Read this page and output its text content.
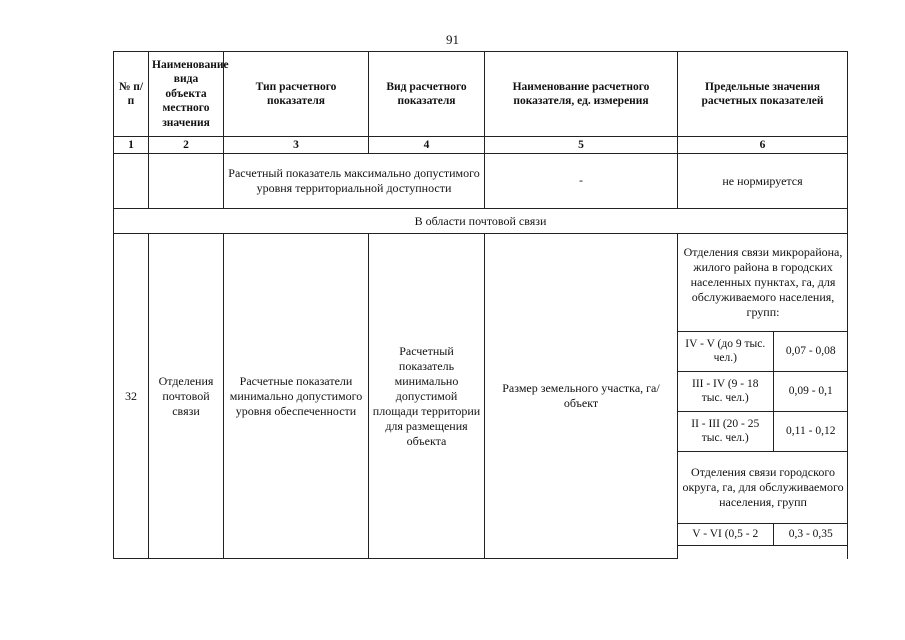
91
№ п/п	Наименование вида объекта местного значения	Тип расчетного показателя	Вид расчетного показателя	Наименование расчетного показателя, ед. измерения	Предельные значения расчетных показателей
1	2	3	4	5	6
		Расчетный показатель максимально допустимого уровня территориальной доступности	-	не нормируется
В области почтовой связи
32	Отделения почтовой связи	Расчетные показатели минимально допустимого уровня обеспеченности	Расчетный показатель минимально допустимой площади территории для размещения объекта	Размер земельного участка, га/объект	
Отделения связи микрорайона, жилого района в городских населенных пунктах, га, для обслуживаемого населения, групп:
IV - V (до 9 тыс. чел.)	0,07 - 0,08
III - IV (9 - 18 тыс. чел.)	0,09 - 0,1
II - III (20 - 25 тыс. чел.)	0,11 - 0,12
Отделения связи городского округа, га, для обслуживаемого населения, групп
V - VI (0,5 - 2	0,3 - 0,35
